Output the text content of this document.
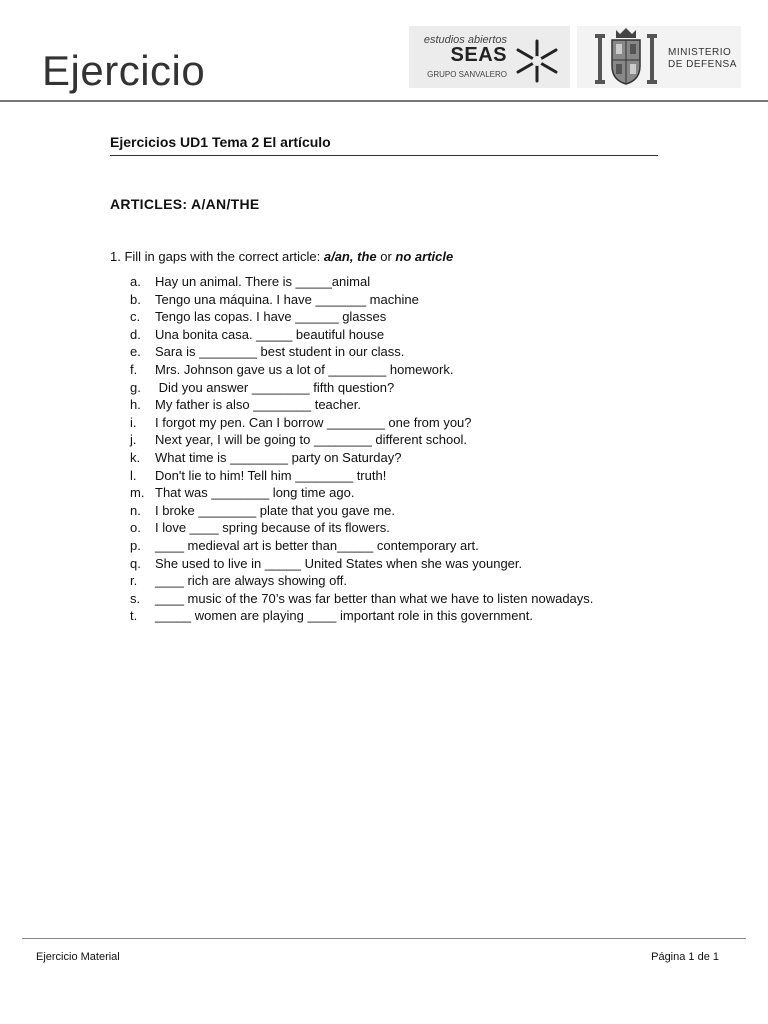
Ejercicio
estudios abiertos
SEAS
GRUPO SANVALERO
MINISTERIO
DE DEFENSA
Ejercicios UD1 Tema 2 El artículo
ARTICLES: A/AN/THE
1. Fill in gaps with the correct article: a/an, the or no article
a. Hay un animal. There is _____animal
b. Tengo una máquina. I have _______ machine
c. Tengo las copas. I have ______ glasses
d. Una bonita casa. _____ beautiful house
e. Sara is ________ best student in our class.
f. Mrs. Johnson gave us a lot of ________ homework.
g. Did you answer ________ fifth question?
h. My father is also ________ teacher.
i. I forgot my pen. Can I borrow ________ one from you?
j. Next year, I will be going to ________ different school.
k. What time is ________ party on Saturday?
l. Don't lie to him! Tell him ________ truth!
m. That was ________ long time ago.
n. I broke ________ plate that you gave me.
o. I love ____ spring because of its flowers.
p. ____ medieval art is better than_____ contemporary art.
q. She used to live in _____ United States when she was younger.
r. ____ rich are always showing off.
s. ____ music of the 70’s was far better than what we have to listen nowadays.
t. _____ women are playing ____ important role in this government.
Ejercicio Material	Página 1 de 1
